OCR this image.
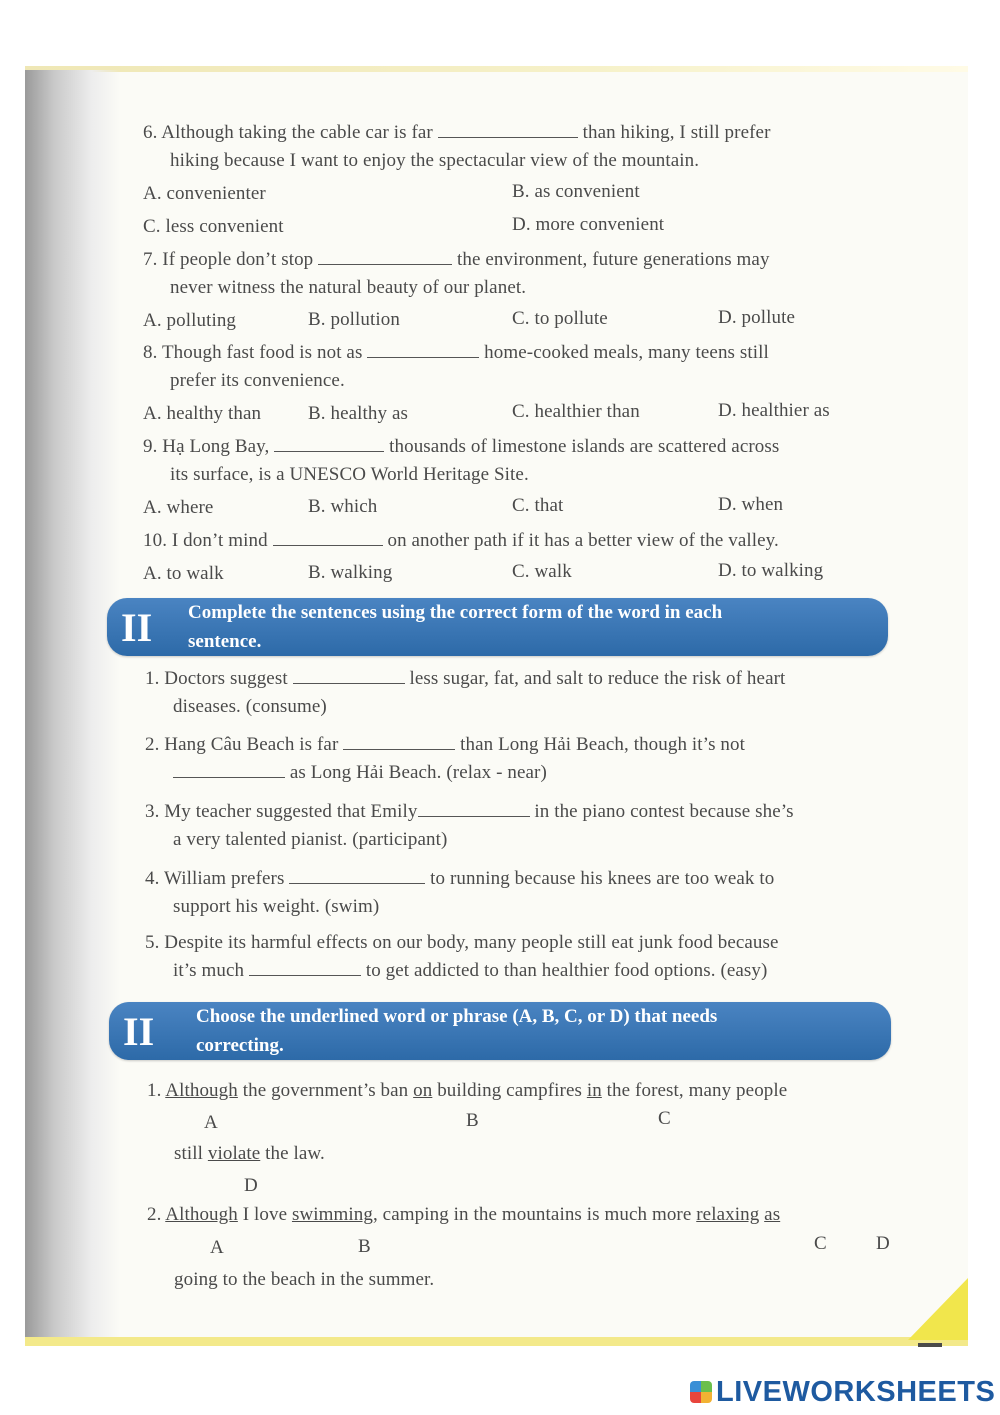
6. Although taking the cable car is far	than hiking, I still prefer
hiking because I want to enjoy the spectacular view of the mountain.
A. convenienter	B. as convenient
C. less convenient	D. more convenient
7. If people don’t stop	the environment, future generations may
never witness the natural beauty of our planet.
A. polluting	B. pollution	C. to pollute	D. pollute
8. Though fast food is not as	home-cooked meals, many teens still
prefer its convenience.
A. healthy than B. healthy as	C. healthier than	D. healthier as
9. Hạ Long Bay,	thousands of limestone islands are scattered across
its surface, is a UNESCO World Heritage Site.
A. where	B. which	C. that	D. when
10. I don’t mind	on another path if it has a better view of the valley.
A. to walk	B. walking	C. walk	D. to walking
II Complete the sentences using the correct form of the word in each
sentence.
1. Doctors suggest	less sugar, fat, and salt to reduce the risk of heart
diseases. (consume)
2. Hang Câu Beach is far	than Long Hải Beach, though it’s not
as Long Hải Beach. (relax - near)
3. My teacher suggested that Emily	in the piano contest because she’s
a very talented pianist. (participant)
4. William prefers	to running because his knees are too weak to
support his weight. (swim)
5. Despite its harmful effects on our body, many people still eat junk food because
it’s much	to get addicted to than healthier food options. (easy)
II Choose the underlined word or phrase (A, B, C, or D) that needs
correcting.
1. Although the government’s ban on building campfires in the forest, many people
A	B	C
still violate the law.
D
2. Although I love swimming, camping in the mountains is much more relaxing as
A	B	C	D
going to the beach in the summer.
LIVEWORKSHEETS
